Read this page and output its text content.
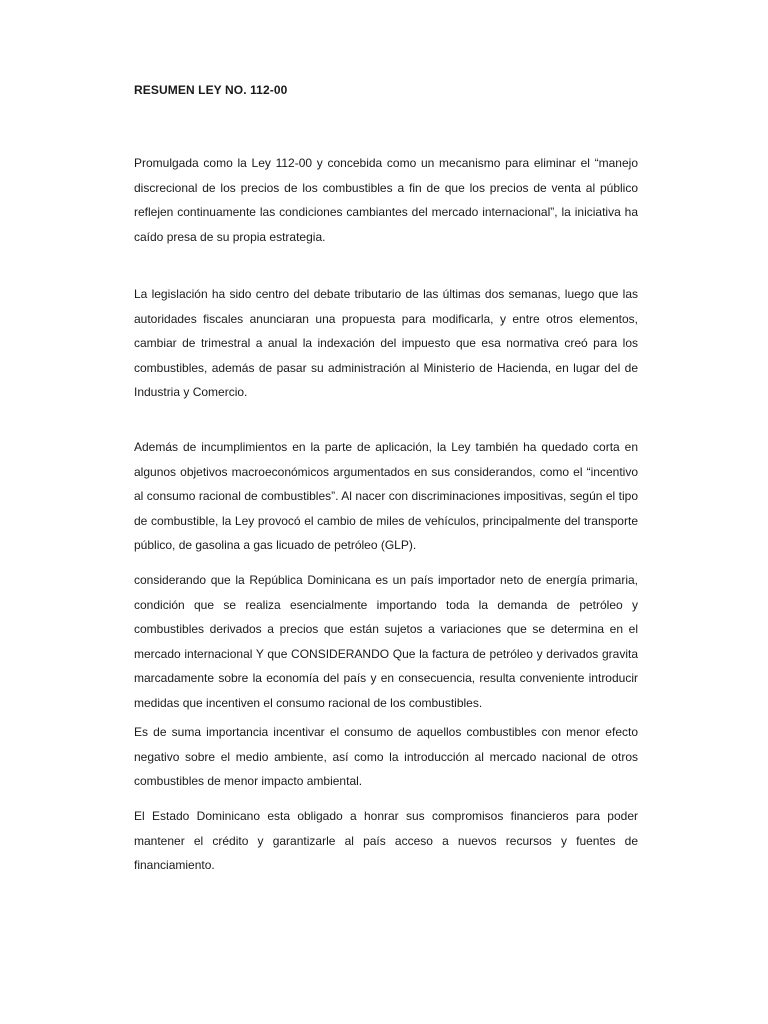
RESUMEN LEY NO. 112-00

Promulgada como la Ley 112-00 y concebida como un mecanismo para eliminar el “manejo discrecional de los precios de los combustibles a fin de que los precios de venta al público reflejen continuamente las condiciones cambiantes del mercado internacional”, la iniciativa ha caído presa de su propia estrategia.

La legislación ha sido centro del debate tributario de las últimas dos semanas, luego que las autoridades fiscales anunciaran una propuesta para modificarla, y entre otros elementos, cambiar de trimestral a anual la indexación del impuesto que esa normativa creó para los combustibles, además de pasar su administración al Ministerio de Hacienda, en lugar del de Industria y Comercio.

Además de incumplimientos en la parte de aplicación, la Ley también ha quedado corta en algunos objetivos macroeconómicos argumentados en sus considerandos, como el “incentivo al consumo racional de combustibles”. Al nacer con discriminaciones impositivas, según el tipo de combustible, la Ley provocó el cambio de miles de vehículos, principalmente del transporte público, de gasolina a gas licuado de petróleo (GLP).

considerando que la República Dominicana es un país importador neto de energía primaria, condición que se realiza esencialmente importando toda la demanda de petróleo y combustibles derivados a precios que están sujetos a variaciones que se determina en el mercado internacional Y que CONSIDERANDO Que la factura de petróleo y derivados gravita marcadamente sobre la economía del país y en consecuencia, resulta conveniente introducir medidas que incentiven el consumo racional de los combustibles.

Es de suma importancia incentivar el consumo de aquellos combustibles con menor efecto negativo sobre el medio ambiente, así como la introducción al mercado nacional de otros combustibles de menor impacto ambiental.

El Estado Dominicano esta obligado a honrar sus compromisos financieros para poder mantener el crédito y garantizarle al país acceso a nuevos recursos y fuentes de financiamiento.
